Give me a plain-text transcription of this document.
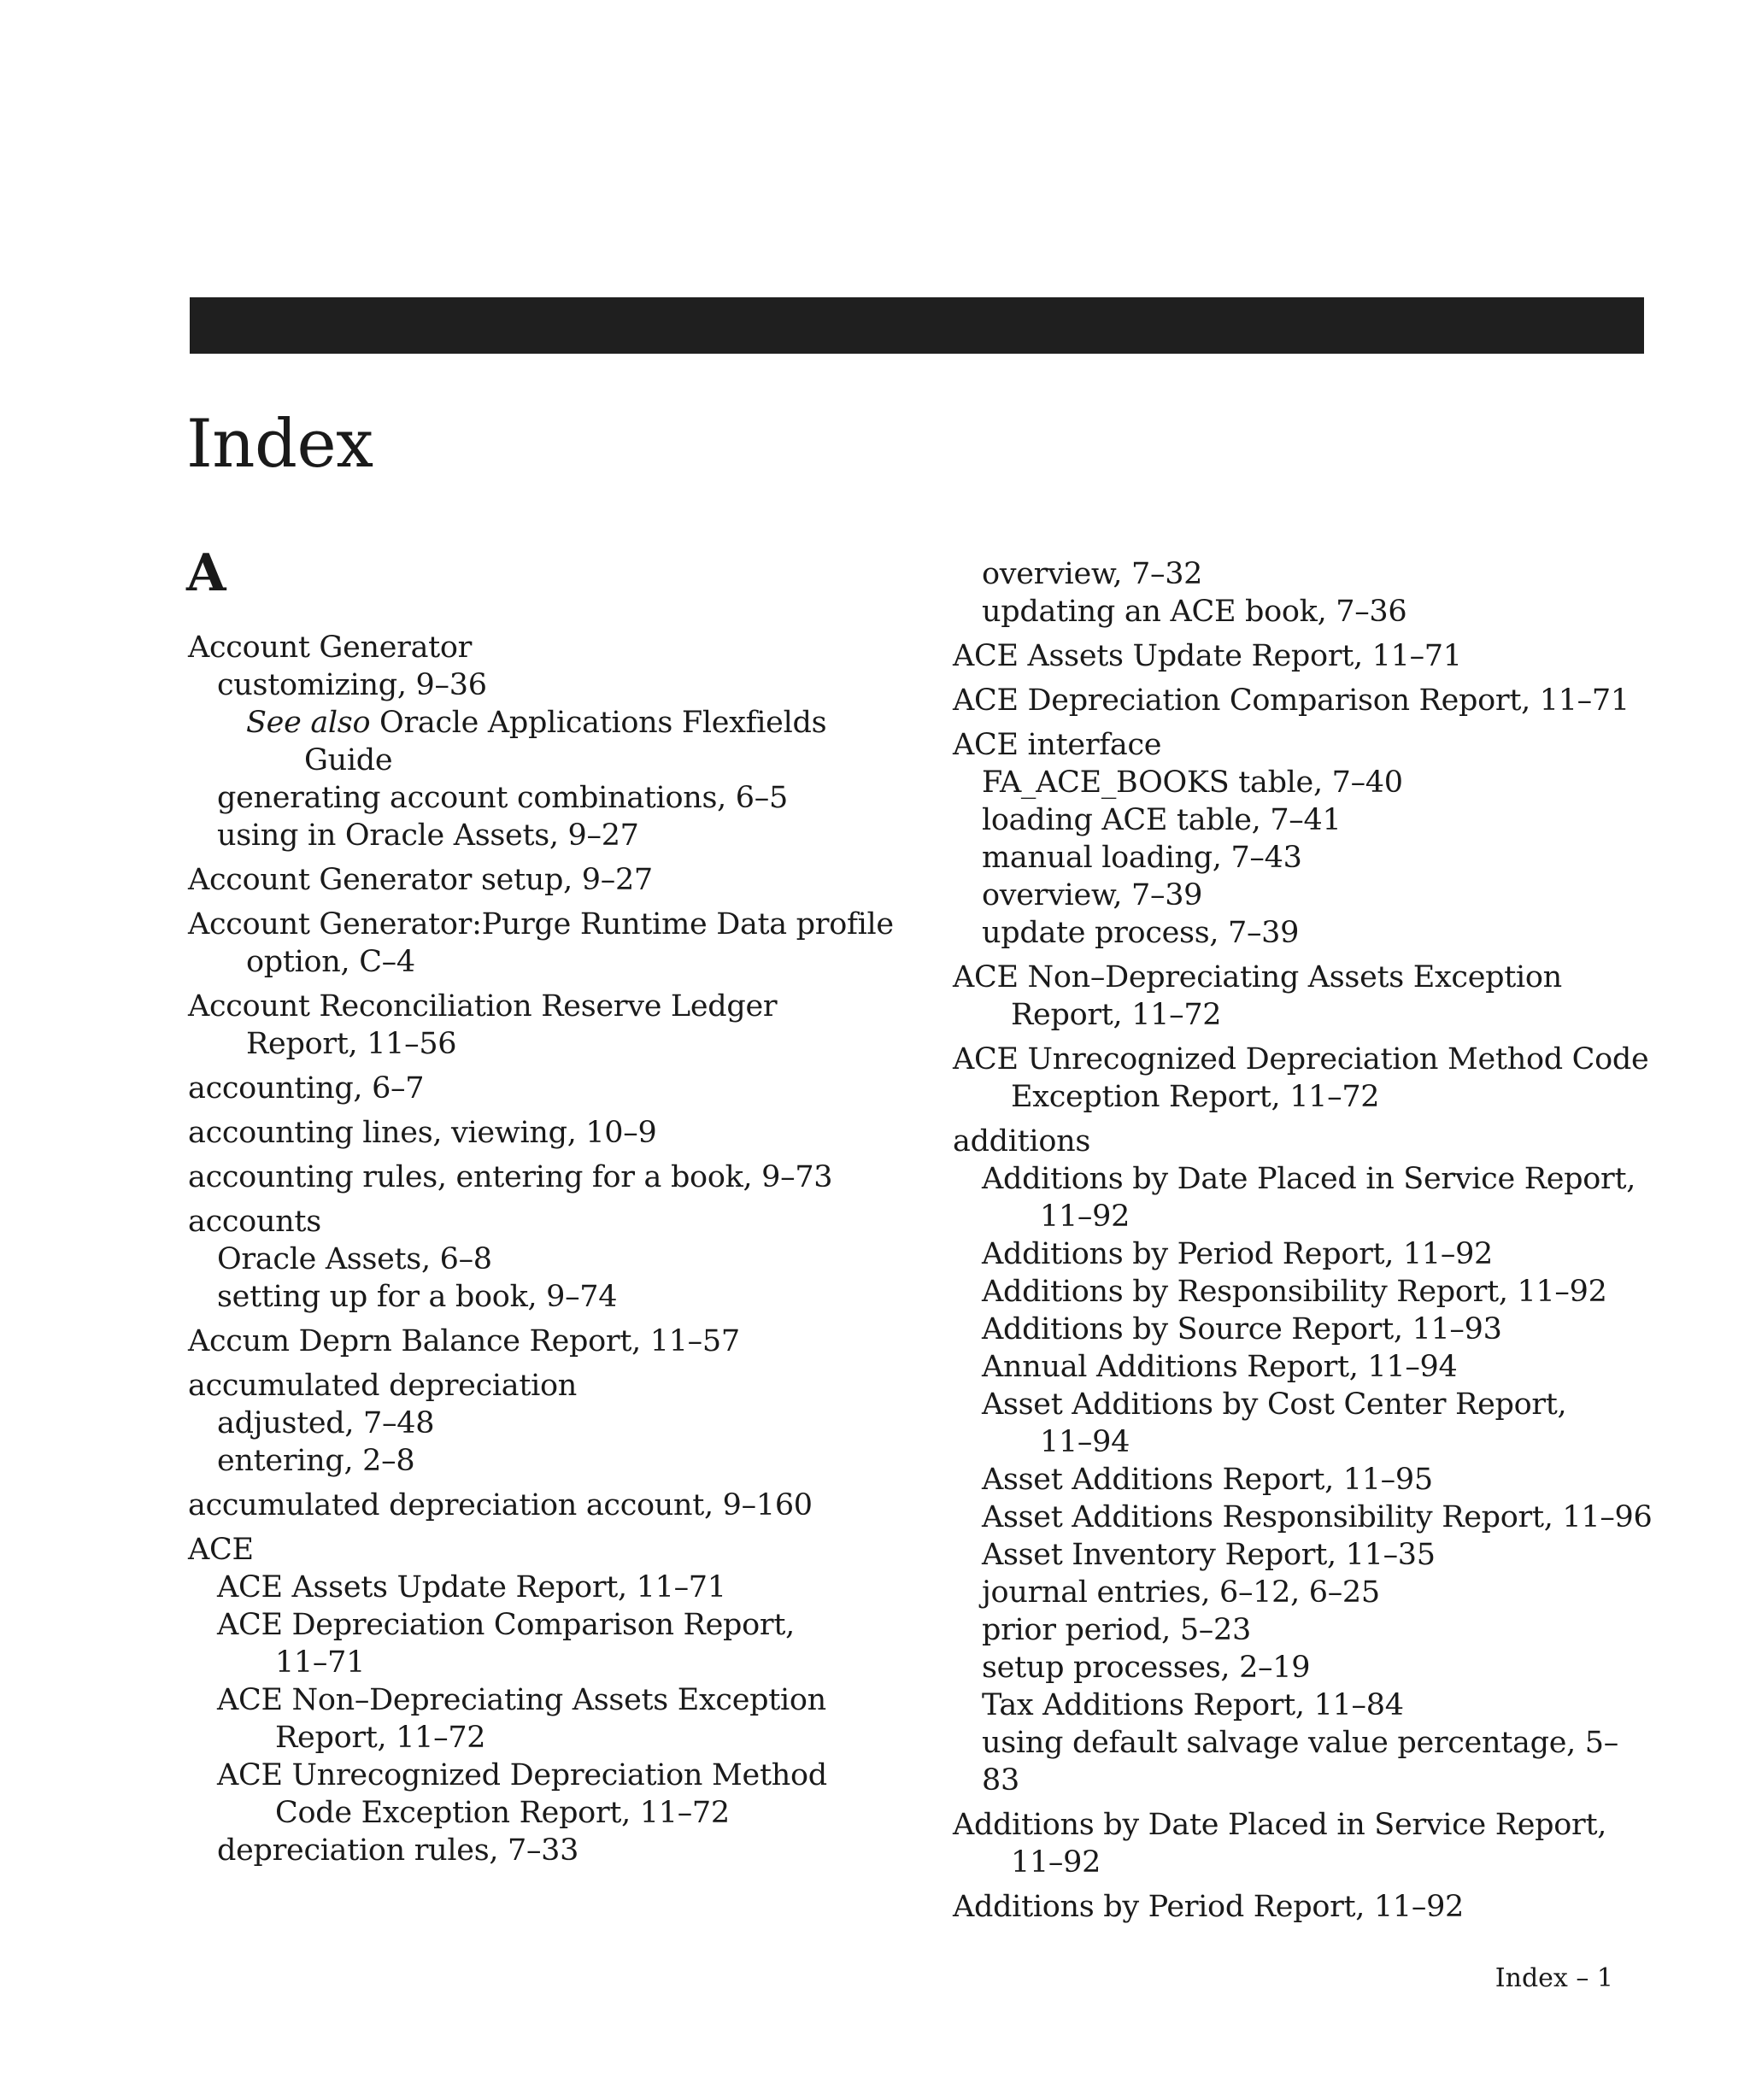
Index
A
Account Generator
customizing, 9–36
See also Oracle Applications Flexfields
Guide
generating account combinations, 6–5
using in Oracle Assets, 9–27
Account Generator setup, 9–27
Account Generator:Purge Runtime Data profile
option, C–4
Account Reconciliation Reserve Ledger
Report, 11–56
accounting, 6–7
accounting lines, viewing, 10–9
accounting rules, entering for a book, 9–73
accounts
Oracle Assets, 6–8
setting up for a book, 9–74
Accum Deprn Balance Report, 11–57
accumulated depreciation
adjusted, 7–48
entering, 2–8
accumulated depreciation account, 9–160
ACE
ACE Assets Update Report, 11–71
ACE Depreciation Comparison Report,
11–71
ACE Non–Depreciating Assets Exception
Report, 11–72
ACE Unrecognized Depreciation Method
Code Exception Report, 11–72
depreciation rules, 7–33
overview, 7–32
updating an ACE book, 7–36
ACE Assets Update Report, 11–71
ACE Depreciation Comparison Report, 11–71
ACE interface
FA_ACE_BOOKS table, 7–40
loading ACE table, 7–41
manual loading, 7–43
overview, 7–39
update process, 7–39
ACE Non–Depreciating Assets Exception
Report, 11–72
ACE Unrecognized Depreciation Method Code
Exception Report, 11–72
additions
Additions by Date Placed in Service Report,
11–92
Additions by Period Report, 11–92
Additions by Responsibility Report, 11–92
Additions by Source Report, 11–93
Annual Additions Report, 11–94
Asset Additions by Cost Center Report,
11–94
Asset Additions Report, 11–95
Asset Additions Responsibility Report, 11–96
Asset Inventory Report, 11–35
journal entries, 6–12, 6–25
prior period, 5–23
setup processes, 2–19
Tax Additions Report, 11–84
using default salvage value percentage, 5–83
Additions by Date Placed in Service Report,
11–92
Additions by Period Report, 11–92
Index – 1
